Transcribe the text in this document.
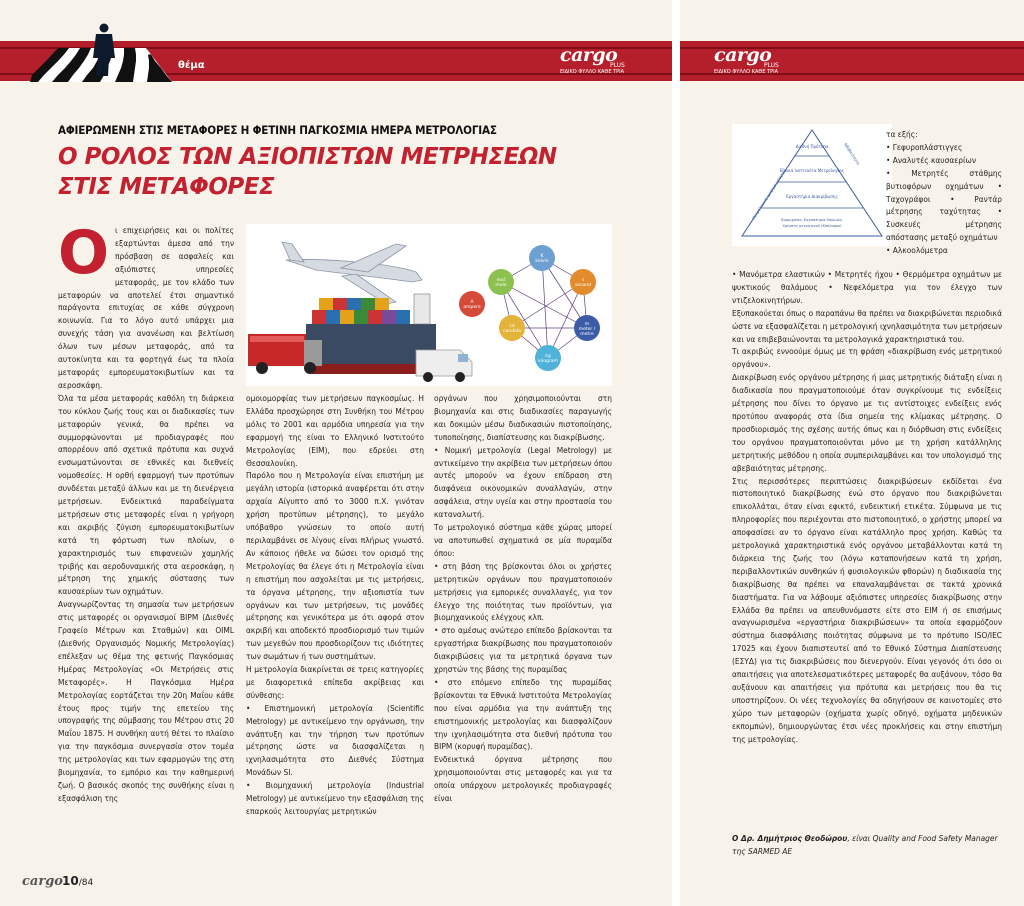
θέμα	cargo
ΕΙΔΙΚΟ ΦΥΛΛΟ ΚΑΘΕ ΤΡΙΑ
PLUS
ΑΦΙΕΡΩΜΕΝΗ ΣΤΙΣ ΜΕΤΑΦΟΡΕΣ Η ΦΕΤΙΝΗ ΠΑΓΚΟΣΜΙΑ ΗΜΕΡΑ ΜΕΤΡΟΛΟΓΙΑΣ
Ο ΡΟΛΟΣ ΤΩΝ ΑΞΙΟΠΙΣΤΩΝ ΜΕΤΡΗΣΕΩΝ
ΣΤΙΣ ΜΕΤΑΦΟΡΕΣ
Ο ι επιχειρήσεις και οι πολίτες εξαρτώνται άμεσα από την πρόσβαση σε ασφαλείς και αξιόπιστες υπηρεσίες μεταφοράς, με τον κλάδο των μεταφορών να αποτελεί έτσι σημαντικό παράγοντα επιτυχίας σε κάθε σύγχρονη κοινωνία. Για το λόγο αυτό υπάρχει μια συνεχής τάση για ανανέωση και βελτίωση όλων των μέσων μεταφοράς, από τα αυτοκίνητα και τα φορτηγά έως τα πλοία μεταφοράς εμπορευματοκιβωτίων και τα αεροσκάφη.

Όλα τα μέσα μεταφοράς καθόλη τη διάρκεια του κύκλου ζωής τους και οι διαδικασίες των μεταφορών γενικά, θα πρέπει να συμμορφώνονται με προδιαγραφές που απορρέουν από σχετικά πρότυπα και συχνά ενσωματώνονται σε εθνικές και διεθνείς νομοθεσίες. Η ορθή εφαρμογή των προτύπων συνδέεται μεταξύ άλλων και με τη διενέργεια μετρήσεων. Ενδεικτικά παραδείγματα μετρήσεων στις μεταφορές είναι η γρήγορη και ακριβής ζύγιση εμπορευματοκιβωτίων κατά τη φόρτωση των πλοίων, ο χαρακτηρισμός των επιφανειών χαμηλής τριβής και αεροδυναμικής στα αεροσκάφη, η μέτρηση της χημικής σύστασης των καυσαερίων των οχημάτων.

Αναγνωρίζοντας τη σημασία των μετρήσεων στις μεταφορές οι οργανισμοί BIPM (Διεθνές Γραφείο Μέτρων και Σταθμών) και OIML (Διεθνής Οργανισμός Νομικής Μετρολογίας) επέλεξαν ως θέμα της φετινής Παγκόσμιας Ημέρας Μετρολογίας «Οι Μετρήσεις στις Μεταφορές». Η Παγκόσμια Ημέρα Μετρολογίας εορτάζεται την 20η Μαΐου κάθε έτους προς τιμήν της επετείου της υπογραφής της σύμβασης του Μέτρου στις 20 Μαΐου 1875. Η συνθήκη αυτή θέτει το πλαίσιο για την παγκόσμια συνεργασία στον τομέα της μετρολογίας και των εφαρμογών της στη βιομηχανία, το εμπόριο και την καθημερινή ζωή. Ο βασικός σκοπός της συνθήκης είναι η εξασφάλιση της

K
kelvin
s
second
m
meter /
metre
kg
kilogram
cd
candela
mol
mole
A
ampere

ομοιομορφίας των μετρήσεων παγκοσμίως. Η Ελλάδα προσχώρησε στη Συνθήκη του Μέτρου μόλις το 2001 και αρμόδια υπηρεσία για την εφαρμογή της είναι το Ελληνικό Ινστιτούτο Μετρολογίας (ΕΙΜ), που εδρεύει στη Θεσσαλονίκη.

Παρόλο που η Μετρολογία είναι επιστήμη με μεγάλη ιστορία (ιστορικά αναφέρεται ότι στην αρχαία Αίγυπτο από το 3000 π.Χ. γινόταν χρήση προτύπων μέτρησης), το μεγάλο υπόβαθρο γνώσεων το οποίο αυτή περιλαμβάνει σε λίγους είναι πλήρως γνωστό. Αν κάποιος ήθελε να δώσει τον ορισμό της Μετρολογίας θα έλεγε ότι η Μετρολογία είναι η επιστήμη που ασχολείται με τις μετρήσεις, τα όργανα μέτρησης, την αξιοπιστία των οργάνων και των μετρήσεων, τις μονάδες μέτρησης και γενικότερα με ότι αφορά στον ακριβή και αποδεκτό προσδιορισμό των τιμών των μεγεθών που προσδιορίζουν τις ιδιότητες των σωμάτων ή των συστημάτων.

Η μετρολογία διακρίνεται σε τρεις κατηγορίες με διαφορετικά επίπεδα ακρίβειας και σύνθεσης:

• Επιστημονική μετρολογία (Scientific Metrology) με αντικείμενο την οργάνωση, την ανάπτυξη και την τήρηση των προτύπων μέτρησης ώστε να διασφαλίζεται η ιχνηλασιμότητα στο Διεθνές Σύστημα Μονάδων SI.

• Βιομηχανική μετρολογία (Industrial Metrology) με αντικείμενο την εξασφάλιση της επαρκούς λειτουργίας μετρητικών

οργάνων που χρησιμοποιούνται στη βιομηχανία και στις διαδικασίες παραγωγής και δοκιμών μέσω διαδικασιών πιστοποίησης, τυποποίησης, διαπίστευσης και διακρίβωσης.

• Νομική μετρολογία (Legal Metrology) με αντικείμενο την ακρίβεια των μετρήσεων όπου αυτές μπορούν να έχουν επίδραση στη διαφάνεια οικονομικών συναλλαγών, στην ασφάλεια, στην υγεία και στην προστασία του καταναλωτή.

Το μετρολογικό σύστημα κάθε χώρας μπορεί να αποτυπωθεί σχηματικά σε μία πυραμίδα όπου:

• στη βάση της βρίσκονται όλοι οι χρήστες μετρητικών οργάνων που πραγματοποιούν μετρήσεις για εμπορικές συναλλαγές, για τον έλεγχο της ποιότητας των προϊόντων, για βιομηχανικούς ελέγχους κλπ.

• στο αμέσως ανώτερο επίπεδο βρίσκονται τα εργαστήρια διακρίβωσης που πραγματοποιούν διακριβώσεις για τα μετρητικά όργανα των χρηστών της βάσης της πυραμίδας

• στο επόμενο επίπεδο της πυραμίδας βρίσκονται τα Εθνικά Ινστιτούτα Μετρολογίας που είναι αρμόδια για την ανάπτυξη της επιστημονικής μετρολογίας και διασφαλίζουν την ιχνηλασιμότητα στα διεθνή πρότυπα του BIPM (κορυφή πυραμίδας).

Ενδεικτικά όργανα μέτρησης που χρησιμοποιούνται στις μεταφορές και για τα οποία υπάρχουν μετρολογικές προδιαγραφές είναι

cargo 10/84
cargo
ΕΙΔΙΚΟ ΦΥΛΛΟ ΚΑΘΕ ΤΡΙΑ
PLUS
Διεθνή Πρότυπα
Εθνικά Ινστιτούτα Μετρολογίας
Εργαστήρια Διακρίβωσης
Βιομηχανία, Εργαστήρια δοκιμών,
Χρήστες μετρητικού εξοπλισμού
Μετρολογική ιχνηλασιμότητα
Αβεβαιότητα

τα εξής:

• Γεφυροπλάστιγγες

• Αναλυτές καυσαερίων

• Μετρητές στάθμης βυτιοφόρων οχημάτων • Ταχογράφοι • Ραντάρ μέτρησης ταχύτητας • Συσκευές μέτρησης απόστασης μεταξύ οχημάτων

• Αλκοολόμετρα

• Μανόμετρα ελαστικών • Μετρητές ήχου • Θερμόμετρα οχημάτων με ψυκτικούς θαλάμους • Νεφελόμετρα για τον έλεγχο των ντιζελοκινητήρων.

Εξυπακούεται όπως ο παραπάνω θα πρέπει να διακριβώνεται περιοδικά ώστε να εξασφαλίζεται η μετρολογική ιχνηλασιμότητα των μετρήσεων και να επιβεβαιώνονται τα μετρολογικά χαρακτηριστικά του.

Τι ακριβώς εννοούμε όμως με τη φράση «διακρίβωση ενός μετρητικού οργάνου».

Διακρίβωση ενός οργάνου μέτρησης ή μιας μετρητικής διάταξη είναι η διαδικασία που πραγματοποιούμε όταν συγκρίνουμε τις ενδείξεις μέτρησης που δίνει το όργανο με τις αντίστοιχες ενδείξεις ενός προτύπου αναφοράς στα ίδια σημεία της κλίμακας μέτρησης. Ο προσδιορισμός της σχέσης αυτής όπως και η διόρθωση στις ενδείξεις του οργάνου πραγματοποιούνται μόνο με τη χρήση κατάλληλης μετρητικής μεθόδου η οποία συμπεριλαμβάνει και τον υπολογισμό της αβεβαιότητας μέτρησης.

Στις περισσότερες περιπτώσεις διακριβώσεων εκδίδεται ένα πιστοποιητικό διακρίβωσης ενώ στο όργανο που διακριβώνεται επικολλάται, όταν είναι εφικτό, ενδεικτική ετικέτα. Σύμφωνα με τις πληροφορίες που περιέχονται στο πιστοποιητικό, ο χρήστης μπορεί να αποφασίσει αν το όργανο είναι κατάλληλο προς χρήση. Καθώς τα μετρολογικά χαρακτηριστικά ενός οργάνου μεταβάλλονται κατά τη διάρκεια της ζωής του (λόγω καταπονήσεων κατά τη χρήση, περιβαλλοντικών συνθηκών ή φυσιολογικών φθορών) η διαδικασία της διακρίβωσης θα πρέπει να επαναλαμβάνεται σε τακτά χρονικά διαστήματα. Για να λάβουμε αξιόπιστες υπηρεσίες διακρίβωσης στην Ελλάδα θα πρέπει να απευθυνόμαστε είτε στο ΕΙΜ ή σε επισήμως αναγνωρισμένα «εργαστήρια διακριβώσεων» τα οποία εφαρμόζουν σύστημα διασφάλισης ποιότητας σύμφωνα με το πρότυπο ISO/IEC 17025 και έχουν διαπιστευτεί από το Εθνικό Σύστημα Διαπίστευσης (ΕΣΥΔ) για τις διακριβώσεις που διενεργούν. Είναι γεγονός ότι όσο οι απαιτήσεις για αποτελεσματικότερες μεταφορές θα αυξάνουν, τόσο θα αυξάνουν και απαιτήσεις για πρότυπα και μετρήσεις που θα τις υποστηρίζουν. Οι νέες τεχνολογίες θα οδηγήσουν σε καινοτομίες στο χώρο των μεταφορών (οχήματα χωρίς οδηγό, οχήματα μηδενικών εκπομπών), δημιουργώντας έτσι νέες προκλήσεις και στην επιστήμη της μετρολογίας.

Ο Δρ. Δημήτριος Θεοδώρου, είναι Quality and Food Safety Manager της SARMED AE
